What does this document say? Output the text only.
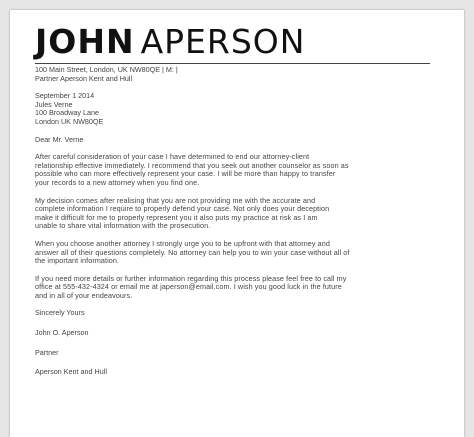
JOHN APERSON
100 Main Street, London, UK NW80QE | M: |
Partner Aperson Kent and Hull
September 1 2014
Jules Verne
100 Broadway Lane
London UK NW80QE
Dear Mr. Verne

After careful consideration of your case I have determined to end our attorney-client
relationship effective immediately. I recommend that you seek out another counselor as soon as
possible who can more effectively represent your case. I will be more than happy to transfer
your records to a new attorney when you find one.

My decision comes after realising that you are not providing me with the accurate and
complete information I require to properly defend your case. Not only does your deception
make it difficult for me to properly represent you it also puts my practice at risk as I am
unable to share vital information with the prosecution.

When you choose another attorney I strongly urge you to be upfront with that attorney and
answer all of their questions completely. No attorney can help you to win your case without all of
the important information.

If you need more details or further information regarding this process please feel free to call my
office at 555-432-4324 or email me at japerson@email.com. I wish you good luck in the future
and in all of your endeavours.

Sincerely Yours
John O. Aperson
Partner
Aperson Kent and Hull
